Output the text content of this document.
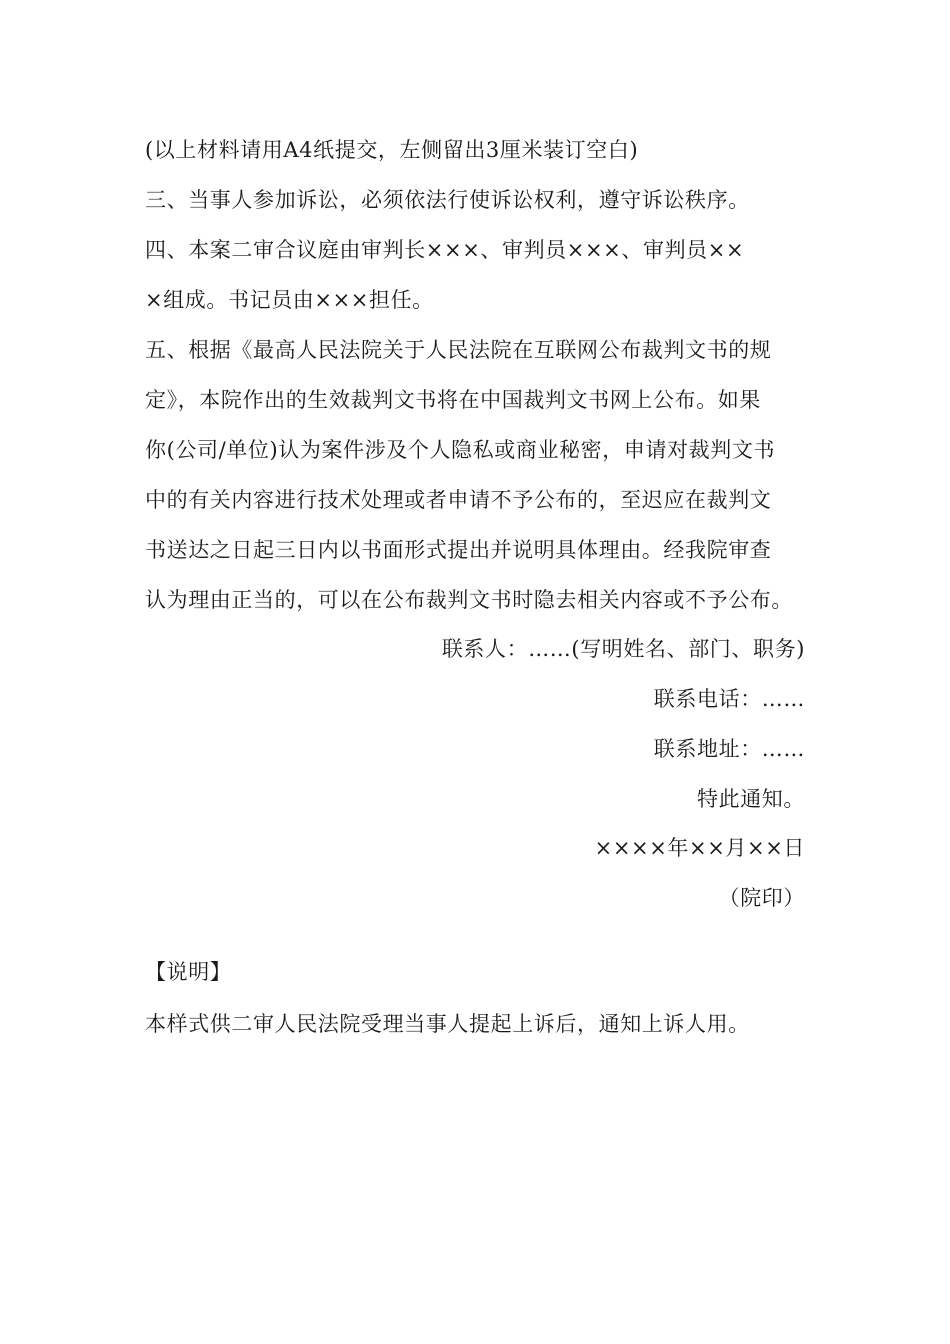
(以上材料请用A4纸提交，左侧留出3厘米装订空白)
三、当事人参加诉讼，必须依法行使诉讼权利，遵守诉讼秩序。
四、本案二审合议庭由审判长×××、审判员×××、审判员××
×组成。书记员由×××担任。
五、根据《最高人民法院关于人民法院在互联网公布裁判文书的规
定》，本院作出的生效裁判文书将在中国裁判文书网上公布。如果
你(公司/单位)认为案件涉及个人隐私或商业秘密，申请对裁判文书
中的有关内容进行技术处理或者申请不予公布的，至迟应在裁判文
书送达之日起三日内以书面形式提出并说明具体理由。经我院审查
认为理由正当的，可以在公布裁判文书时隐去相关内容或不予公布。
联系人：……(写明姓名、部门、职务)
联系电话：……
联系地址：……
特此通知。
××××年××月××日
（院印）
【说明】
本样式供二审人民法院受理当事人提起上诉后，通知上诉人用。
